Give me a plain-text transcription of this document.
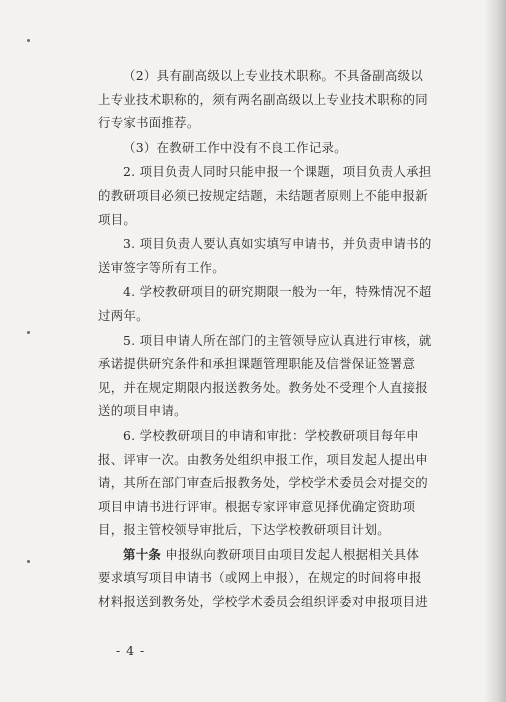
（2）具有副高级以上专业技术职称。不具备副高级以
上专业技术职称的，须有两名副高级以上专业技术职称的同
行专家书面推荐。

（3）在教研工作中没有不良工作记录。

2. 项目负责人同时只能申报一个课题，项目负责人承担
的教研项目必须已按规定结题，未结题者原则上不能申报新
项目。

3. 项目负责人要认真如实填写申请书，并负责申请书的
送审签字等所有工作。

4. 学校教研项目的研究期限一般为一年，特殊情况不超
过两年。

5. 项目申请人所在部门的主管领导应认真进行审核，就
承诺提供研究条件和承担课题管理职能及信誉保证签署意
见，并在规定期限内报送教务处。教务处不受理个人直接报
送的项目申请。

6. 学校教研项目的申请和审批：学校教研项目每年申
报、评审一次。由教务处组织申报工作，项目发起人提出申
请，其所在部门审查后报教务处，学校学术委员会对提交的
项目申请书进行评审。根据专家评审意见择优确定资助项
目，报主管校领导审批后，下达学校教研项目计划。

第十条 申报纵向教研项目由项目发起人根据相关具体
要求填写项目申请书（或网上申报），在规定的时间将申报
材料报送到教务处，学校学术委员会组织评委对申报项目进

- 4 -
